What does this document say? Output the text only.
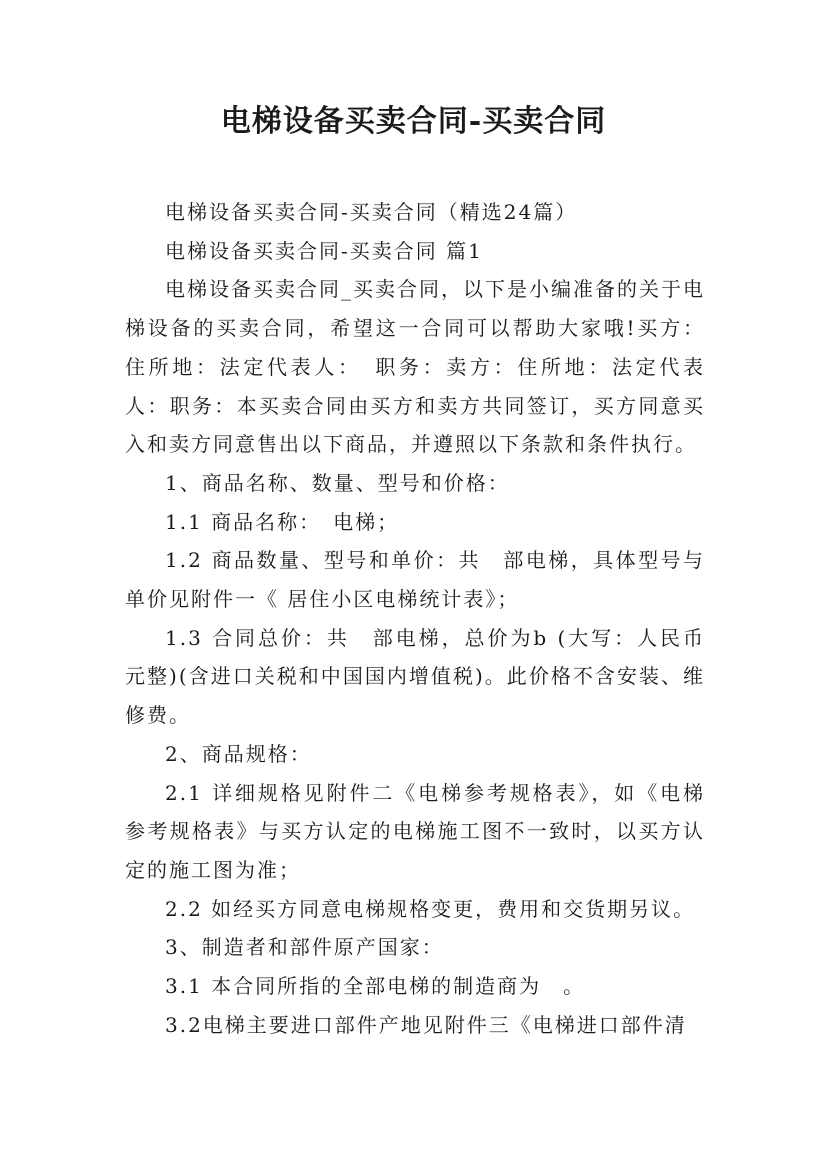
电梯设备买卖合同-买卖合同

电梯设备买卖合同-买卖合同（精选24篇）

电梯设备买卖合同-买卖合同 篇1

电梯设备买卖合同_买卖合同，以下是小编准备的关于电梯设备的买卖合同，希望这一合同可以帮助大家哦!买方：住所地：法定代表人：　职务：卖方：住所地：法定代表人：职务：本买卖合同由买方和卖方共同签订，买方同意买入和卖方同意售出以下商品，并遵照以下条款和条件执行。

1、商品名称、数量、型号和价格：

1.1 商品名称：　电梯；

1.2 商品数量、型号和单价：共　部电梯，具体型号与单价见附件一《 居住小区电梯统计表》；

1.3 合同总价：共　部电梯，总价为b (大写：人民币元整)(含进口关税和中国国内增值税)。此价格不含安装、维修费。

2、商品规格：

2.1 详细规格见附件二《电梯参考规格表》，如《电梯参考规格表》与买方认定的电梯施工图不一致时，以买方认定的施工图为准；

2.2 如经买方同意电梯规格变更，费用和交货期另议。

3、制造者和部件原产国家：

3.1 本合同所指的全部电梯的制造商为　。

3.2电梯主要进口部件产地见附件三《电梯进口部件清
